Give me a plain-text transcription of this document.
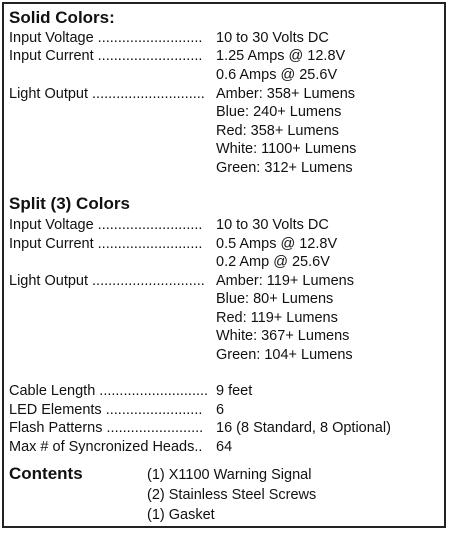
Solid Colors:
Input Voltage .......................... 10 to 30 Volts DC
Input Current .......................... 1.25 Amps @ 12.8V
0.6 Amps @ 25.6V
Light Output ............................ Amber: 358+ Lumens
Blue: 240+ Lumens
Red: 358+ Lumens
White: 1100+ Lumens
Green: 312+ Lumens
Split (3) Colors
Input Voltage .......................... 10 to 30 Volts DC
Input Current .......................... 0.5 Amps @ 12.8V
0.2 Amp @ 25.6V
Light Output ............................ Amber: 119+ Lumens
Blue: 80+ Lumens
Red: 119+ Lumens
White: 367+ Lumens
Green: 104+ Lumens
Cable Length ........................... 9 feet
LED Elements ........................ 6
Flash Patterns ........................ 16 (8 Standard, 8 Optional)
Max # of Syncronized Heads.. 64
Contents	(1) X1100 Warning Signal
(2) Stainless Steel Screws
(1) Gasket
